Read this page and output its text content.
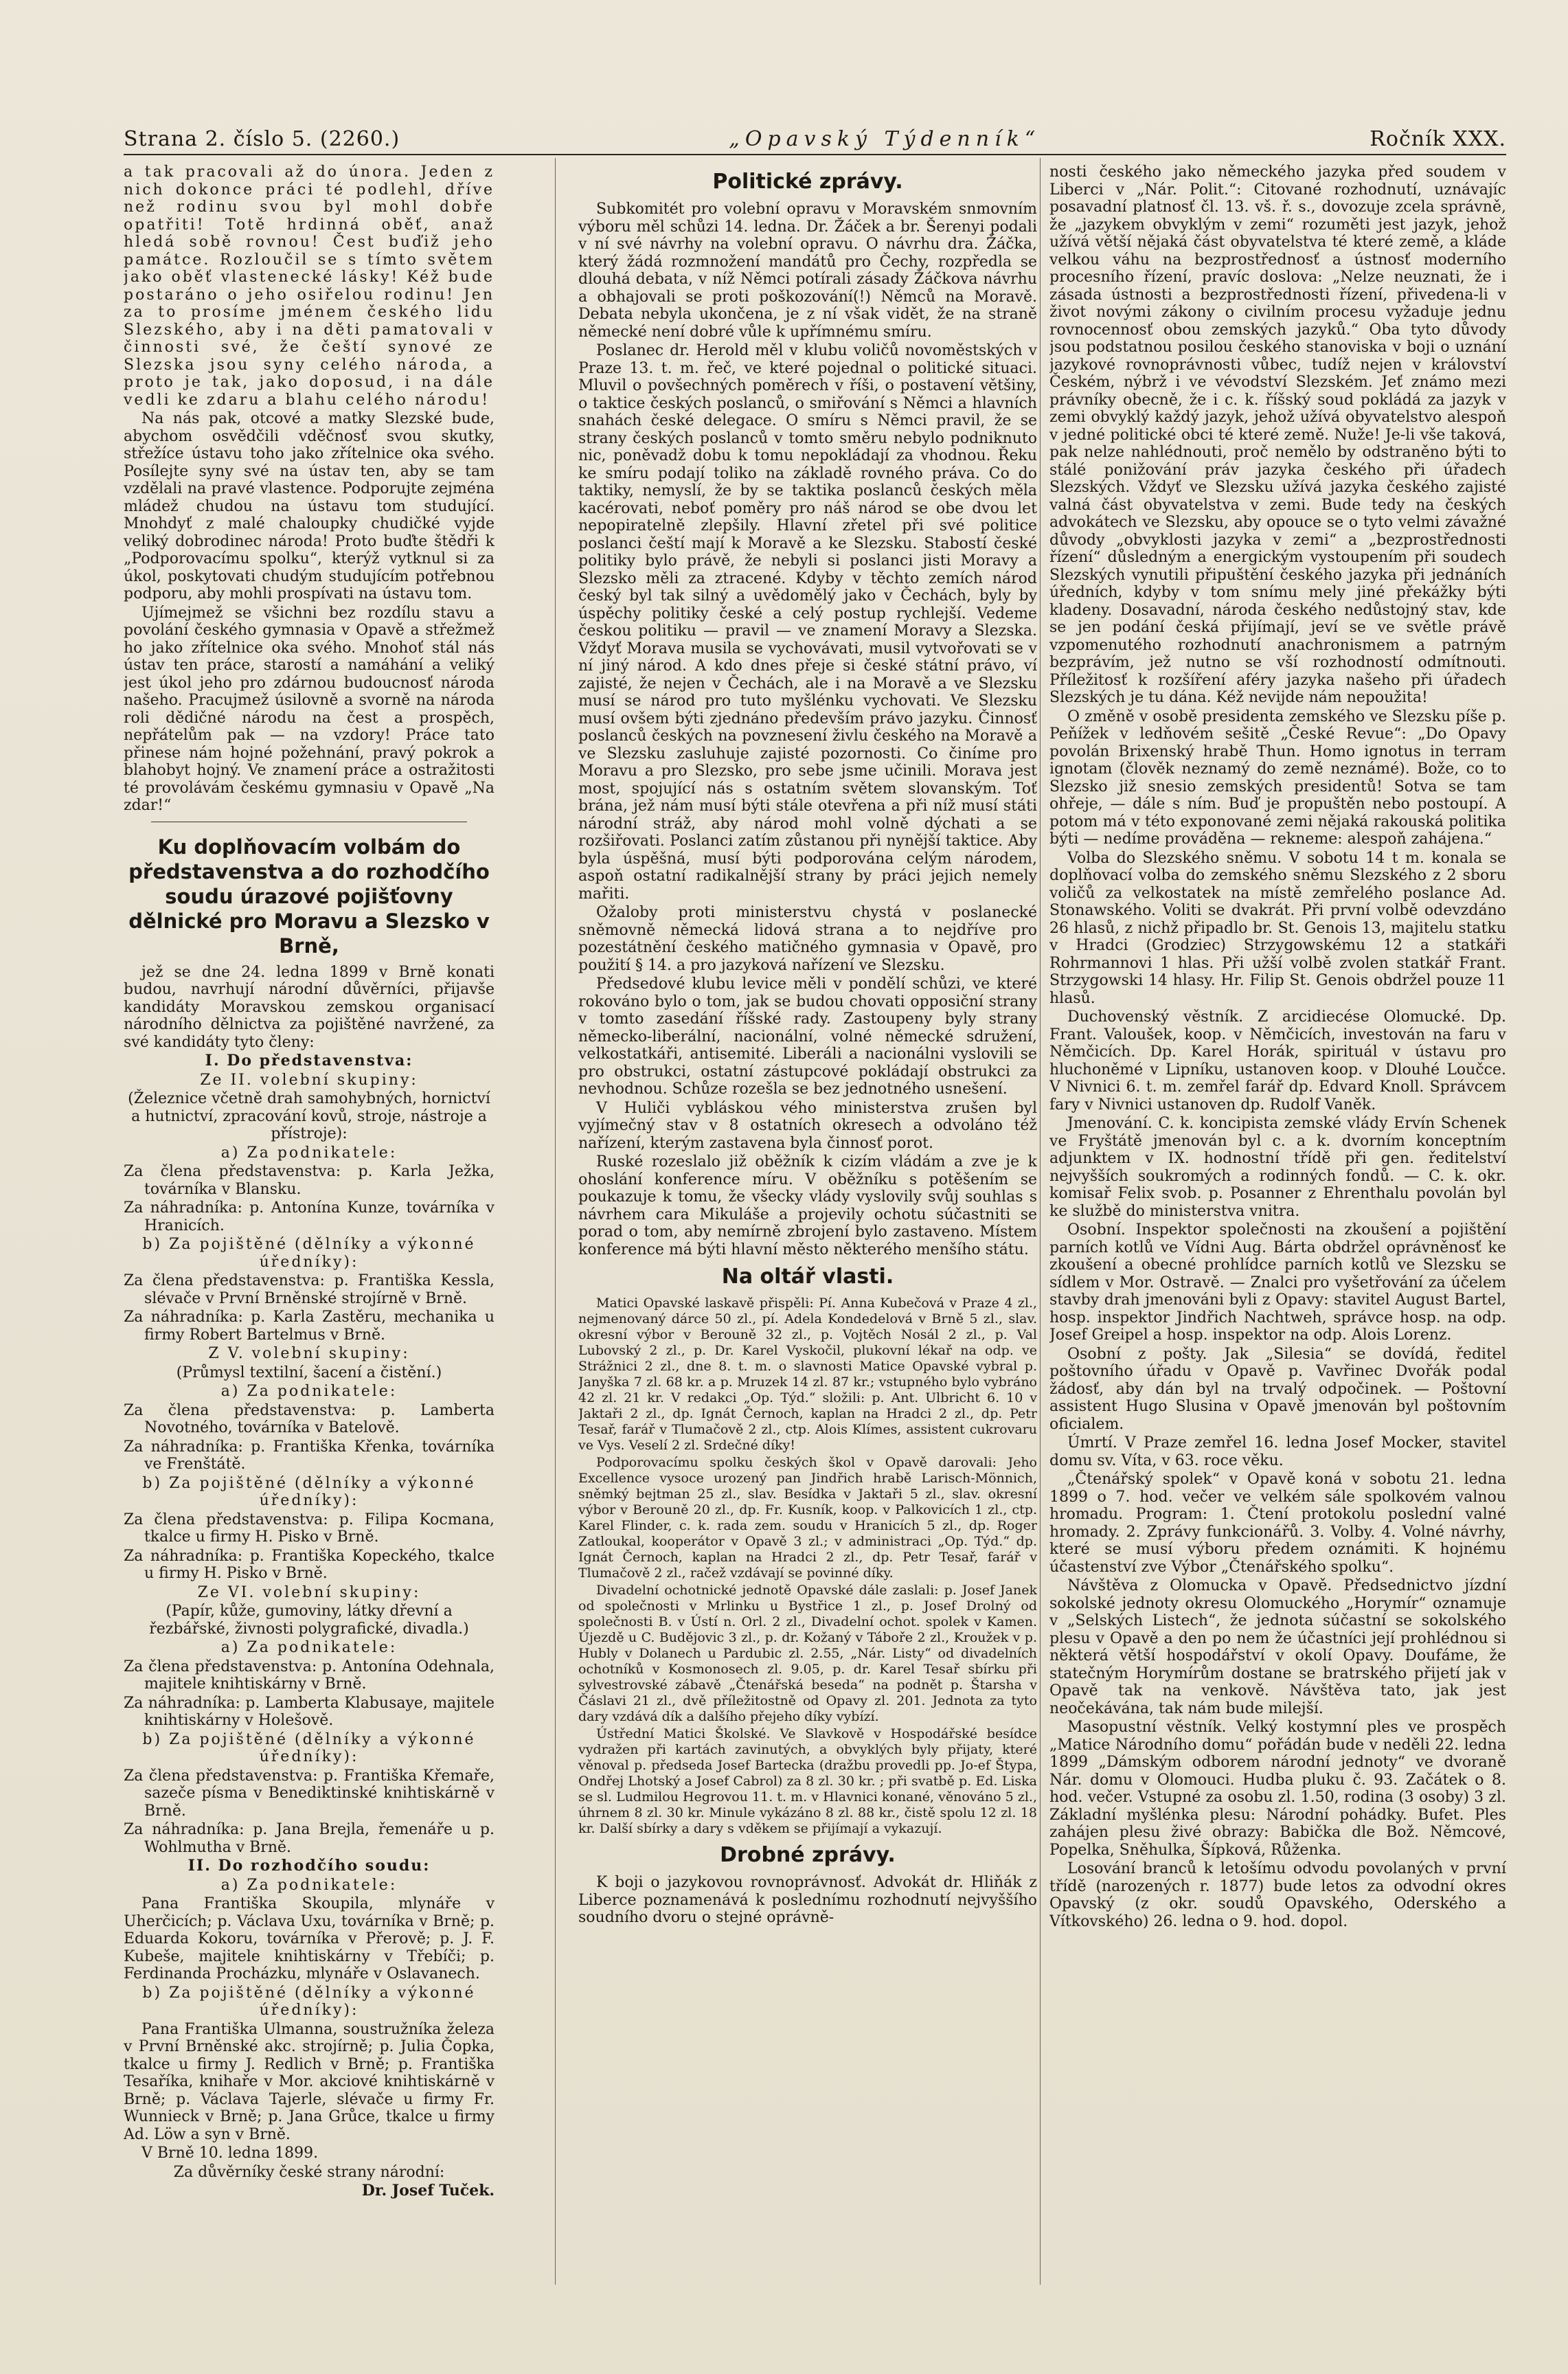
Strana 2. číslo 5. (2260.)	„Opavský Týdenník“	Ročník XXX.

a tak pracovali až do února. Jeden z nich dokonce práci té podlehl, dříve než rodinu svou byl mohl dobře opatřiti! Totě hrdinná oběť, anaž hledá sobě rovnou! Čest buďiž jeho památce. Rozloučil se s tímto světem jako oběť vlastenecké lásky! Kéž bude postaráno o jeho osiřelou rodinu! Jen za to prosíme jménem českého lidu Slezského, aby i na děti pamatovali v činnosti své, že čeští synové ze Slezska jsou syny celého národa, a proto je tak, jako doposud, i na dále vedli ke zdaru a blahu celého národu!

Na nás pak, otcové a matky Slezské bude, abychom osvědčili vděčnosť svou skutky, střežíce ústavu toho jako zřítelnice oka svého. Posílejte syny své na ústav ten, aby se tam vzdělali na pravé vlastence. Podporujte zejména mládež chudou na ústavu tom studující. Mnohdyť z malé chaloupky chudičké vyjde veliký dobrodinec národa! Proto buďte štědři k „Podporovacímu spolku“, kterýž vytknul si za úkol, poskytovati chudým studujícím potřebnou podporu, aby mohli prospívati na ústavu tom.

Ujímejmež se všichni bez rozdílu stavu a povolání českého gymnasia v Opavě a střežmež ho jako zřítelnice oka svého. Mnohoť stál nás ústav ten práce, starostí a namáhání a veliký jest úkol jeho pro zdárnou budoucnosť národa našeho. Pracujmež úsilovně a svorně na národa roli dědičné národu na čest a prospěch, nepřátelům pak — na vzdory! Práce tato přinese nám hojné požehnání, pravý pokrok a blahobyt hojný. Ve znamení práce a ostražitosti té provolávám českému gymnasiu v Opavě „Na zdar!“

Ku doplňovacím volbám do představenstva a do rozhodčího soudu úrazové pojišťovny dělnické pro Moravu a Slezsko v Brně,

jež se dne 24. ledna 1899 v Brně konati budou, navrhují národní důvěrníci, přijavše kandidáty Moravskou zemskou organisací národního dělnictva za pojištěné navržené, za své kandidáty tyto členy:

I. Do představenstva:

Ze II. volební skupiny:

(Železnice včetně drah samohybných, hornictví a hutnictví, zpracování kovů, stroje, nástroje a přístroje):

a) Za podnikatele:

Za člena představenstva: p. Karla Ježka, továrníka v Blansku.

Za náhradníka: p. Antonína Kunze, továrníka v Hranicích.

b) Za pojištěné (dělníky a výkonné úředníky):

Za člena představenstva: p. Františka Kessla, slévače v První Brněnské strojírně v Brně.

Za náhradníka: p. Karla Zastěru, mechanika u firmy Robert Bartelmus v Brně.

Z V. volební skupiny:

(Průmysl textilní, šacení a čistění.)

a) Za podnikatele:

Za člena představenstva: p. Lamberta Novotného, továrníka v Batelově.

Za náhradníka: p. Františka Křenka, továrníka ve Frenštátě.

b) Za pojištěné (dělníky a výkonné úředníky):

Za člena představenstva: p. Filipa Kocmana, tkalce u firmy H. Pisko v Brně.

Za náhradníka: p. Františka Kopeckého, tkalce u firmy H. Pisko v Brně.

Ze VI. volební skupiny:

(Papír, kůže, gumoviny, látky dřevní a řezbářské, živnosti polygrafické, divadla.)

a) Za podnikatele:

Za člena představenstva: p. Antonína Odehnala, majitele knihtiskárny v Brně.

Za náhradníka: p. Lamberta Klabusaye, majitele knihtiskárny v Holešově.

b) Za pojištěné (dělníky a výkonné úředníky):

Za člena představenstva: p. Františka Křemaře, sazeče písma v Benediktinské knihtiskárně v Brně.

Za náhradníka: p. Jana Brejla, řemenáře u p. Wohlmutha v Brně.

II. Do rozhodčího soudu:

a) Za podnikatele:

Pana Františka Skoupila, mlynáře v Uherčicích; p. Václava Uxu, továrníka v Brně; p. Eduarda Kokoru, továrníka v Přerově; p. J. F. Kubeše, majitele knihtiskárny v Třebíči; p. Ferdinanda Procházku, mlynáře v Oslavanech.

b) Za pojištěné (dělníky a výkonné úředníky):

Pana Františka Ulmanna, soustružníka železa v První Brněnské akc. strojírně; p. Julia Čopka, tkalce u firmy J. Redlich v Brně; p. Františka Tesaříka, knihaře v Mor. akciové knihtiskárně v Brně; p. Václava Tajerle, slévače u firmy Fr. Wunnieck v Brně; p. Jana Grůce, tkalce u firmy Ad. Löw a syn v Brně.

V Brně 10. ledna 1899.

Za důvěrníky české strany národní:

Dr. Josef Tuček.

Politické zprávy.

Subkomitét pro volební opravu v Moravském snmovním výboru měl schůzi 14. ledna. Dr. Žáček a br. Šerenyi podali v ní své návrhy na volební opravu. O návrhu dra. Žáčka, který žádá rozmnožení mandátů pro Čechy, rozpředla se dlouhá debata, v níž Němci potírali zásady Žáčkova návrhu a obhajovali se proti poškozování(!) Němců na Moravě. Debata nebyla ukončena, je z ní však vidět, že na straně německé není dobré vůle k upřímnému smíru.

Poslanec dr. Herold měl v klubu voličů novoměstských v Praze 13. t. m. řeč, ve které pojednal o politické situaci. Mluvil o povšechných poměrech v říši, o postavení většiny, o taktice českých poslanců, o smiřování s Němci a hlavních snahách české delegace. O smíru s Němci pravil, že se strany českých poslanců v tomto směru nebylo podniknuto nic, poněvadž dobu k tomu nepokládají za vhodnou. Řeku ke smíru podají toliko na základě rovného práva. Co do taktiky, nemyslí, že by se taktika poslanců českých měla kacérovati, neboť poměry pro náš národ se obe dvou let nepopiratelně zlepšily. Hlavní zřetel při své politice poslanci čeští mají k Moravě a ke Slezsku. Stabostí české politiky bylo právě, že nebyli si poslanci jisti Moravy a Slezsko měli za ztracené. Kdyby v těchto zemích národ český byl tak silný a uvědomělý jako v Čechách, byly by úspěchy politiky české a celý postup rychlejší. Vedeme českou politiku — pravil — ve znamení Moravy a Slezska. Vždyť Morava musila se vychovávati, musil vytvořovati se v ní jiný národ. A kdo dnes přeje si české státní právo, ví zajisté, že nejen v Čechách, ale i na Moravě a ve Slezsku musí se národ pro tuto myšlénku vychovati. Ve Slezsku musí ovšem býti zjednáno především právo jazyku. Činnosť poslanců českých na povznesení živlu českého na Moravě a ve Slezsku zasluhuje zajisté pozornosti. Co činíme pro Moravu a pro Slezsko, pro sebe jsme učinili. Morava jest most, spojující nás s ostatním světem slovanským. Toť brána, jež nám musí býti stále otevřena a při níž musí státi národní stráž, aby národ mohl volně dýchati a se rozšiřovati. Poslanci zatím zůstanou při nynější taktice. Aby byla úspěšná, musí býti podporována celým národem, aspoň ostatní radikalnější strany by práci jejich nemely mařiti.

Ožaloby proti ministerstvu chystá v poslanecké sněmovně německá lidová strana a to nejdříve pro pozestátnění českého matičného gymnasia v Opavě, pro použití § 14. a pro jazyková nařízení ve Slezsku.

Předsedové klubu levice měli v pondělí schůzi, ve které rokováno bylo o tom, jak se budou chovati opposiční strany v tomto zasedání říšské rady. Zastoupeny byly strany německo-liberální, nacionální, volné německé sdružení, velkostatkáři, antisemité. Liberáli a nacionálni vyslovili se pro obstrukci, ostatní zástupcové pokládají obstrukci za nevhodnou. Schůze rozešla se bez jednotného usnešení.

V Huliči vybláskou vého ministerstva zrušen byl vyjímečný stav v 8 ostatních okresech a odvoláno též nařízení, kterým zastavena byla činnosť porot.

Ruské rozeslalo již oběžník k cizím vládám a zve je k ohoslání konference míru. V oběžníku s potěšením se poukazuje k tomu, že všecky vlády vyslovily svůj souhlas s návrhem cara Mikuláše a projevily ochotu súčastniti se porad o tom, aby nemírně zbrojení bylo zastaveno. Místem konference má býti hlavní město některého menšího státu.

Na oltář vlasti.

Matici Opavské laskavě přispěli: Pí. Anna Kubečová v Praze 4 zl., nejmenovaný dárce 50 zl., pí. Adela Kondedelová v Brně 5 zl., slav. okresní výbor v Berouně 32 zl., p. Vojtěch Nosál 2 zl., p. Val Lubovský 2 zl., p. Dr. Karel Vyskočil, plukovní lékař na odp. ve Strážnici 2 zl., dne 8. t. m. o slavnosti Matice Opavské vybral p. Janyška 7 zl. 68 kr. a p. Mruzek 14 zl. 87 kr.; vstupného bylo vybráno 42 zl. 21 kr. V redakci „Op. Týd.“ složili: p. Ant. Ulbricht 6. 10 v Jaktaři 2 zl., dp. Ignát Černoch, kaplan na Hradci 2 zl., dp. Petr Tesař, farář v Tlumačově 2 zl., ctp. Alois Klímes, assistent cukrovaru ve Vys. Veselí 2 zl. Srdečné díky!

Podporovacímu spolku českých škol v Opavě darovali: Jeho Excellence vysoce urozený pan Jindřich hrabě Larisch-Mönnich, sněmký bejtman 25 zl., slav. Besídka v Jaktaři 5 zl., slav. okresní výbor v Berouně 20 zl., dp. Fr. Kusník, koop. v Palkovicích 1 zl., ctp. Karel Flinder, c. k. rada zem. soudu v Hranicích 5 zl., dp. Roger Zatloukal, kooperátor v Opavě 3 zl.; v administraci „Op. Týd.“ dp. Ignát Černoch, kaplan na Hradci 2 zl., dp. Petr Tesař, farář v Tlumačově 2 zl., račež vzdávají se povinné díky.

Divadelní ochotnické jednotě Opavské dále zaslali: p. Josef Janek od společnosti v Mrlinku u Bystřice 1 zl., p. Josef Drolný od společnosti B. v Ústí n. Orl. 2 zl., Divadelní ochot. spolek v Kamen. Újezdě u C. Budějovic 3 zl., p. dr. Kožaný v Táboře 2 zl., Kroužek v p. Hubly v Dolanech u Pardubic zl. 2.55, „Nár. Listy“ od divadelních ochotníků v Kosmonosech zl. 9.05, p. dr. Karel Tesař sbírku při sylvestrovské zábavě „Čtenářská beseda“ na podnět p. Štarsha v Čáslavi 21 zl., dvě příležitostně od Opavy zl. 201. Jednota za tyto dary vzdává dík a dalšího přejeho díky vybízí.

Ústřední Matici Školské. Ve Slavkově v Hospodářské besídce vydražen při kartách zavinutých, a obvyklých byly přijaty, které věnoval p. předseda Josef Bartecka (dražbu provedli pp. Jo-ef Štypa, Ondřej Lhotský a Josef Cabrol) za 8 zl. 30 kr. ; při svatbě p. Ed. Liska se sl. Ludmilou Hegrovou 11. t. m. v Hlavnici konané, věnováno 5 zl., úhrnem 8 zl. 30 kr. Minule vykázáno 8 zl. 88 kr., čistě spolu 12 zl. 18 kr. Další sbírky a dary s vděkem se přijímají a vykazují.

Drobné zprávy.

K boji o jazykovou rovnoprávnosť. Advokát dr. Hliňák z Liberce poznamenává k poslednímu rozhodnutí nejvyššího soudního dvoru o stejné oprávně-

nosti českého jako německého jazyka před soudem v Liberci v „Nár. Polit.“: Citované rozhodnutí, uznávajíc posavadní platnosť čl. 13. vš. ř. s., dovozuje zcela správně, že „jazykem obvyklým v zemi“ rozuměti jest jazyk, jehož užívá větší nějaká část obyvatelstva té které země, a kláde velkou váhu na bezprostřednosť a ústnosť moderního procesního řízení, pravíc doslova: „Nelze neuznati, že i zásada ústnosti a bezprostřednosti řízení, přivedena-li v život novými zákony o civilním procesu vyžaduje jednu rovnocennosť obou zemských jazyků.“ Oba tyto důvody jsou podstatnou posilou českého stanoviska v boji o uznání jazykové rovnoprávnosti vůbec, tudíž nejen v království Českém, nýbrž i ve vévodství Slezském. Jeť známo mezi právníky obecně, že i c. k. říšský soud pokládá za jazyk v zemi obvyklý každý jazyk, jehož užívá obyvatelstvo alespoň v jedné politické obci té které země. Nuže! Je-li vše taková, pak nelze nahlédnouti, proč nemělo by odstraněno býti to stálé ponižování práv jazyka českého při úřadech Slezských. Vždyť ve Slezsku užívá jazyka českého zajisté valná část obyvatelstva v zemi. Bude tedy na českých advokátech ve Slezsku, aby opouce se o tyto velmi závažné důvody „obvyklosti jazyka v zemi“ a „bezprostřednosti řízení“ důsledným a energickým vystoupením při soudech Slezských vynutili připuštění českého jazyka při jednáních úředních, kdyby v tom snímu mely jiné překážky býti kladeny. Dosavadní, národa českého nedůstojný stav, kde se jen podání česká přijímají, jeví se ve světle právě vzpomenutého rozhodnutí anachronismem a patrným bezprávím, jež nutno se vší rozhodností odmítnouti. Příležitosť k rozšíření aféry jazyka našeho při úřadech Slezských je tu dána. Kéž nevijde nám nepoužita!

O změně v osobě presidenta zemského ve Slezsku píše p. Peňížek v ledňovém sešitě „České Revue“: „Do Opavy povolán Brixenský hrabě Thun. Homo ignotus in terram ignotam (člověk neznamý do země neznámé). Bože, co to Slezsko již snesio zemských presidentů! Sotva se tam ohřeje, — dále s ním. Buď je propuštěn nebo postoupí. A potom má v této exponované zemi nějaká rakouská politika býti — nedíme prováděna — rekneme: alespoň zahájena.“

Volba do Slezského sněmu. V sobotu 14 t m. konala se doplňovací volba do zemského sněmu Slezského z 2 sboru voličů za velkostatek na místě zemřelého poslance Ad. Stonawského. Voliti se dvakrát. Při první volbě odevzdáno 26 hlasů, z nichž připadlo br. St. Genois 13, majitelu statku v Hradci (Grodziec) Strzygowskému 12 a statkáři Rohrmannovi 1 hlas. Při užší volbě zvolen statkář Frant. Strzygowski 14 hlasy. Hr. Filip St. Genois obdržel pouze 11 hlasů.

Duchovenský věstník. Z arcidiecése Olomucké. Dp. Frant. Valoušek, koop. v Němčicích, investován na faru v Němčicích. Dp. Karel Horák, spirituál v ústavu pro hluchoněmé v Lipníku, ustanoven koop. v Dlouhé Loučce. V Nivnici 6. t. m. zemřel farář dp. Edvard Knoll. Správcem fary v Nivnici ustanoven dp. Rudolf Vaněk.

Jmenování. C. k. koncipista zemské vlády Ervín Schenek ve Fryštátě jmenován byl c. a k. dvorním konceptním adjunktem v IX. hodnostní třídě při gen. ředitelství nejvyšších soukromých a rodinných fondů. — C. k. okr. komisař Felix svob. p. Posanner z Ehrenthalu povolán byl ke službě do ministerstva vnitra.

Osobní. Inspektor společnosti na zkoušení a pojištění parních kotlů ve Vídni Aug. Bárta obdržel oprávněnosť ke zkoušení a obecné prohlídce parních kotlů ve Slezsku se sídlem v Mor. Ostravě. — Znalci pro vyšetřování za účelem stavby drah jmenováni byli z Opavy: stavitel August Bartel, hosp. inspektor Jindřich Nachtweh, správce hosp. na odp. Josef Greipel a hosp. inspektor na odp. Alois Lorenz.

Osobní z pošty. Jak „Silesia“ se dovídá, ředitel poštovního úřadu v Opavě p. Vavřinec Dvořák podal žádosť, aby dán byl na trvalý odpočinek. — Poštovní assistent Hugo Slusina v Opavě jmenován byl poštovním oficialem.

Úmrtí. V Praze zemřel 16. ledna Josef Mocker, stavitel domu sv. Víta, v 63. roce věku.

„Čtenářský spolek“ v Opavě koná v sobotu 21. ledna 1899 o 7. hod. večer ve velkém sále spolkovém valnou hromadu. Program: 1. Čtení protokolu poslední valné hromady. 2. Zprávy funkcionářů. 3. Volby. 4. Volné návrhy, které se musí výboru předem oznámiti. K hojnému účastenství zve Výbor „Čtenářského spolku“.

Návštěva z Olomucka v Opavě. Předsednictvo jízdní sokolské jednoty okresu Olomuckého „Horymír“ oznamuje v „Selských Listech“, že jednota súčastní se sokolského plesu v Opavě a den po nem že účastníci její prohlédnou si některá větší hospodářství v okolí Opavy. Doufáme, že statečným Horymírům dostane se bratrského přijetí jak v Opavě tak na venkově. Návštěva tato, jak jest neočekávána, tak nám bude milejší.

Masopustní věstník. Velký kostymní ples ve prospěch „Matice Národního domu“ pořádán bude v neděli 22. ledna 1899 „Dámským odborem národní jednoty“ ve dvoraně Nár. domu v Olomouci. Hudba pluku č. 93. Začátek o 8. hod. večer. Vstupné za osobu zl. 1.50, rodina (3 osoby) 3 zl. Základní myšlénka plesu: Národní pohádky. Bufet. Ples zahájen plesu živé obrazy: Babička dle Bož. Němcové, Popelka, Sněhulka, Šípková, Růženka.

Losování branců k letošímu odvodu povolaných v první třídě (narozených r. 1877) bude letos za odvodní okres Opavský (z okr. soudů Opavského, Oderského a Vítkovského) 26. ledna o 9. hod. dopol.
